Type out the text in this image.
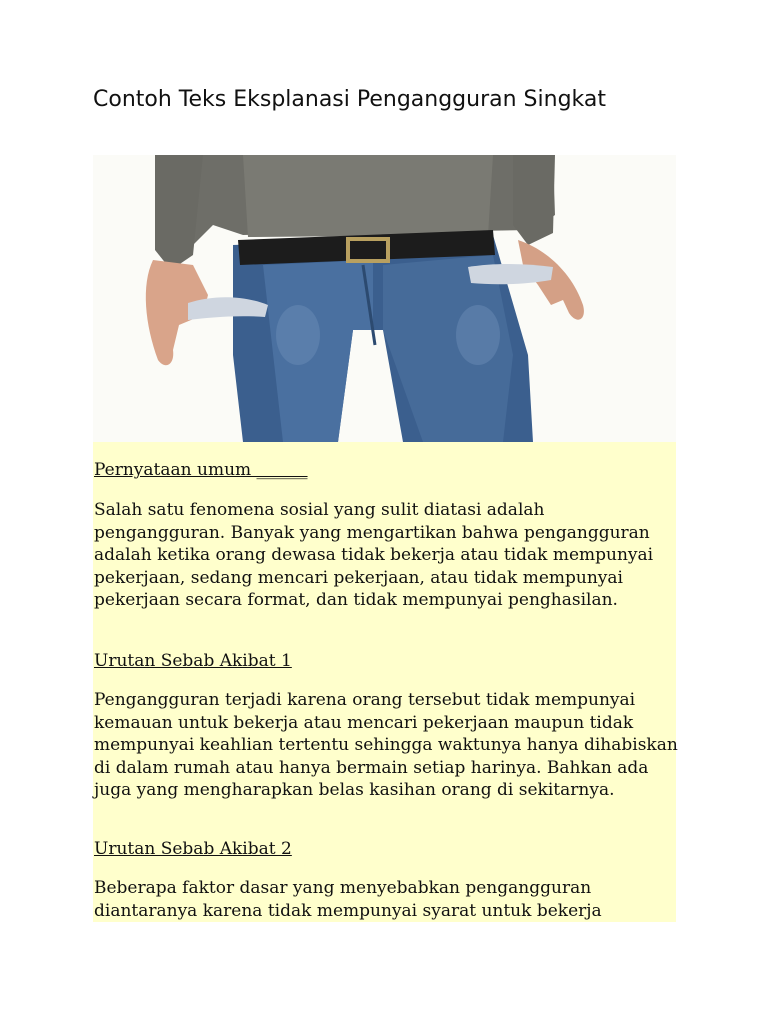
Contoh Teks Eksplanasi Pengangguran Singkat

Pernyataan umum ______

Salah satu fenomena sosial yang sulit diatasi adalah pengangguran. Banyak yang mengartikan bahwa pengangguran adalah ketika orang dewasa tidak bekerja atau tidak mempunyai pekerjaan, sedang mencari pekerjaan, atau tidak mempunyai pekerjaan secara format, dan tidak mempunyai penghasilan.

Urutan Sebab Akibat 1

Pengangguran terjadi karena orang tersebut tidak mempunyai kemauan untuk bekerja atau mencari pekerjaan maupun tidak mempunyai keahlian tertentu sehingga waktunya hanya dihabiskan di dalam rumah atau hanya bermain setiap harinya. Bahkan ada juga yang mengharapkan belas kasihan orang di sekitarnya.

Urutan Sebab Akibat 2

Beberapa faktor dasar yang menyebabkan pengangguran diantaranya karena tidak mempunyai syarat untuk bekerja
